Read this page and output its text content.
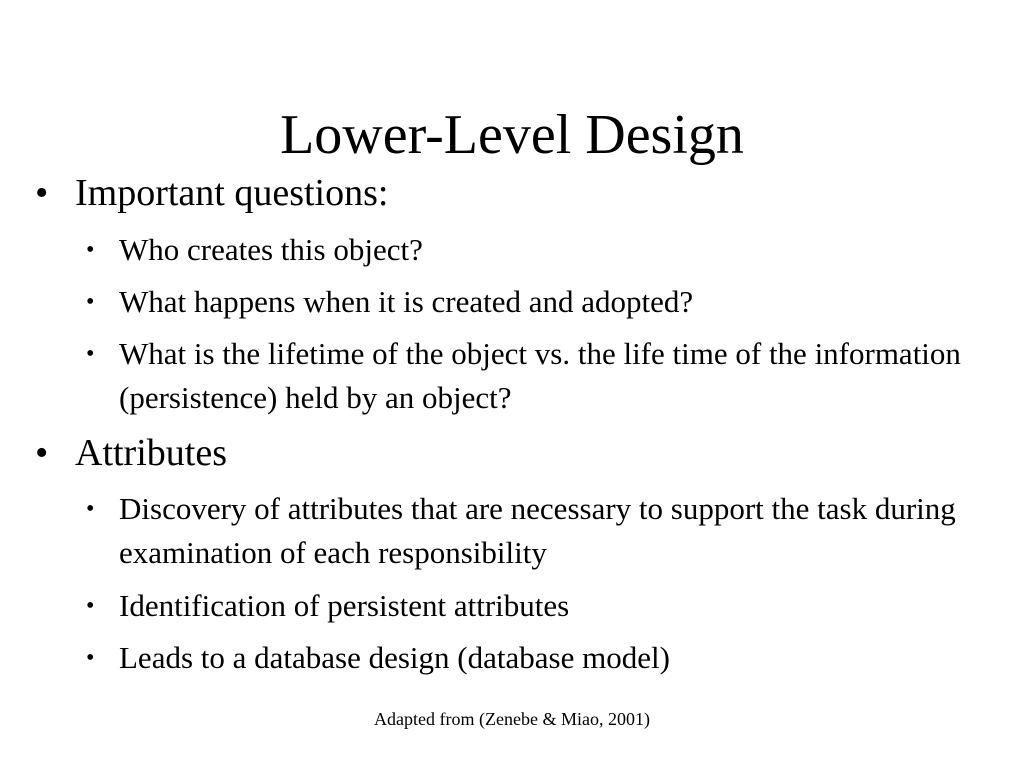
Lower-Level Design
• Important questions:
• Who creates this object?
• What happens when it is created and adopted?
• What is the lifetime of the object vs. the life time of the information (persistence) held by an object?
• Attributes
• Discovery of attributes that are necessary to support the task during examination of each responsibility
• Identification of persistent attributes
• Leads to a database design (database model)
Adapted from (Zenebe & Miao, 2001)
